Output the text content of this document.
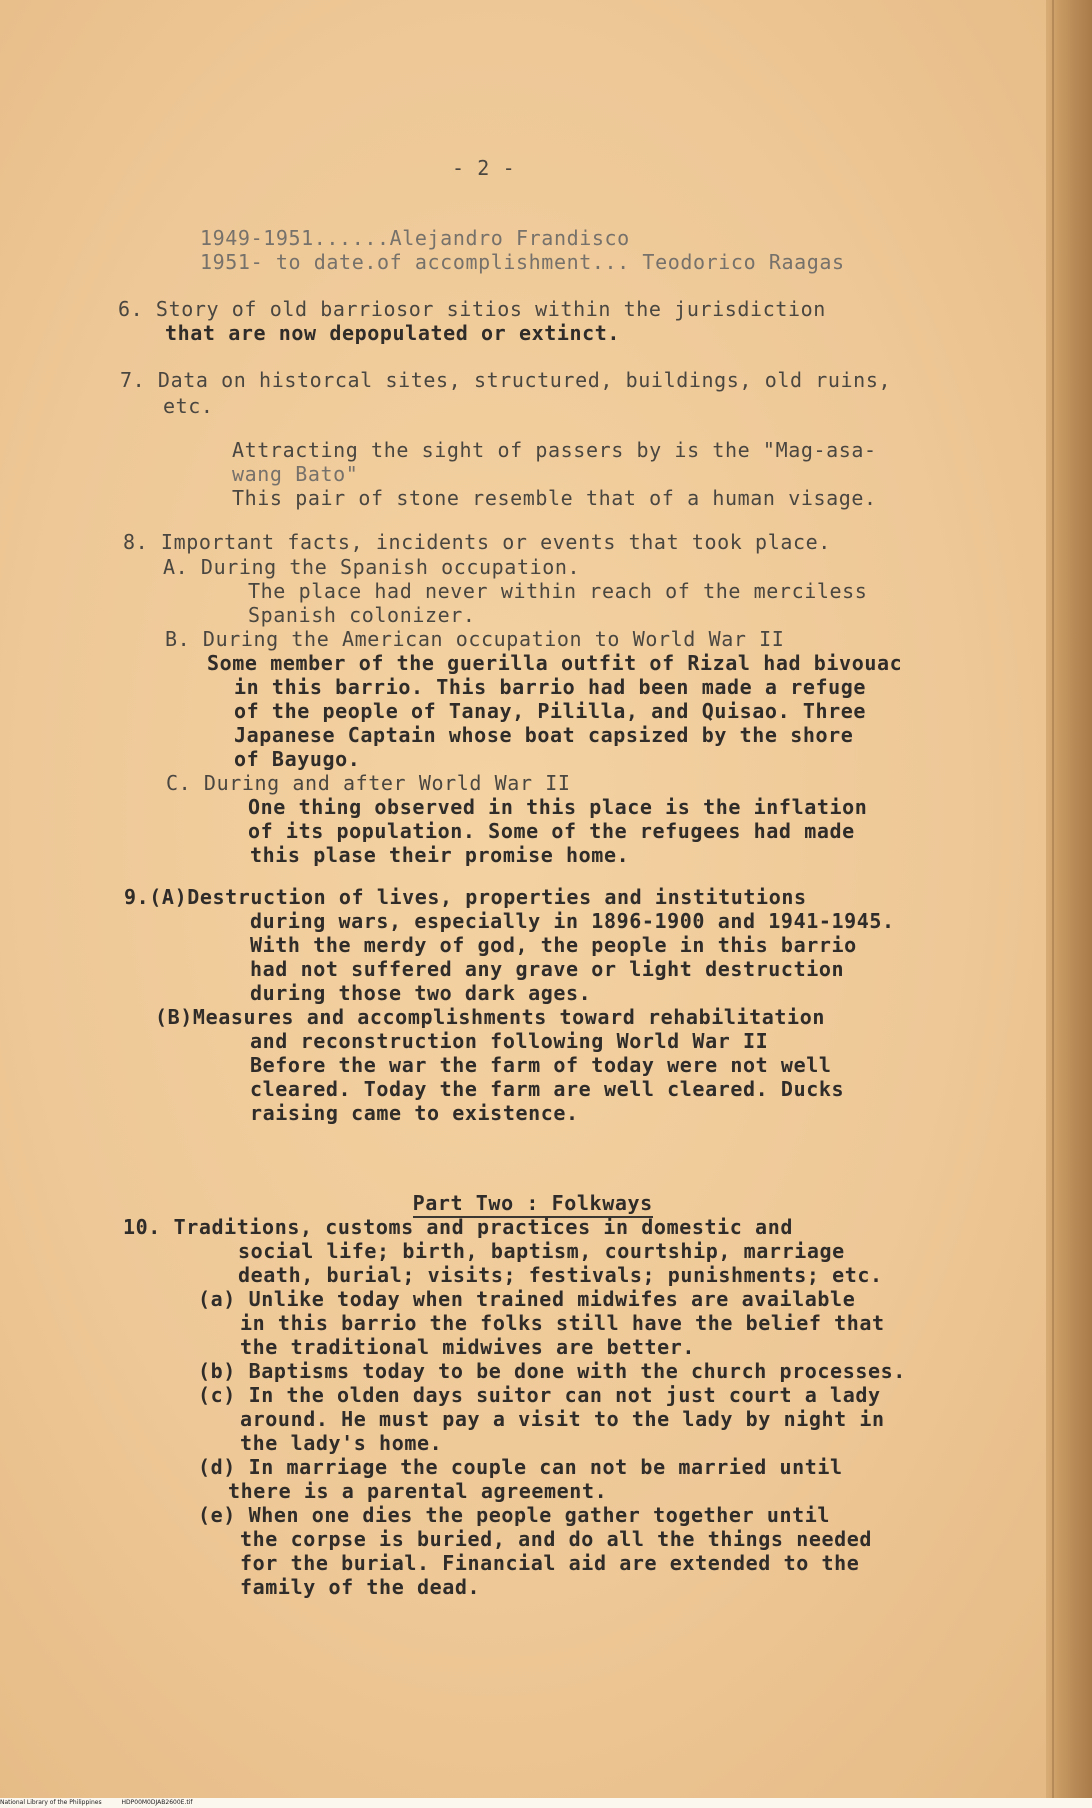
- 2 -
1949-1951......Alejandro Frandisco
1951- to date.of accomplishment... Teodorico Raagas
6. Story of old barriosor sitios within the jurisdiction
that are now depopulated or extinct.
7. Data on historcal sites, structured, buildings, old ruins,
etc.
Attracting the sight of passers by is the "Mag-asa-
wang Bato"
This pair of stone resemble that of a human visage.
8. Important facts, incidents or events that took place.
A. During the Spanish occupation.
The place had never within reach of the merciless
Spanish colonizer.
B. During the American occupation to World War II
Some member of the guerilla outfit of Rizal had bivouac
in this barrio. This barrio had been made a refuge
of the people of Tanay, Pililla, and Quisao. Three
Japanese Captain whose boat capsized by the shore
of Bayugo.
C. During and after World War II
One thing observed in this place is the inflation
of its population. Some of the refugees had made
this plase their promise home.
9.(A)Destruction of lives, properties and institutions
during wars, especially in 1896-1900 and 1941-1945.
With the merdy of god, the people in this barrio
had not suffered any grave or light destruction
during those two dark ages.
(B)Measures and accomplishments toward rehabilitation
and reconstruction following World War II
Before the war the farm of today were not well
cleared. Today the farm are well cleared. Ducks
raising came to existence.

Part Two : Folkways

10. Traditions, customs and practices in domestic and
social life; birth, baptism, courtship, marriage
death, burial; visits; festivals; punishments; etc.
(a) Unlike today when trained midwifes are available
in this barrio the folks still have the belief that
the traditional midwives are better.
(b) Baptisms today to be done with the church processes.
(c) In the olden days suitor can not just court a lady
around. He must pay a visit to the lady by night in
the lady's home.
(d) In marriage the couple can not be married until
there is a parental agreement.
(e) When one dies the people gather together until
the corpse is buried, and do all the things needed
for the burial. Financial aid are extended to the
family of the dead.
National Library of the Philippines	HDP00M0DJAB2600E.tif
